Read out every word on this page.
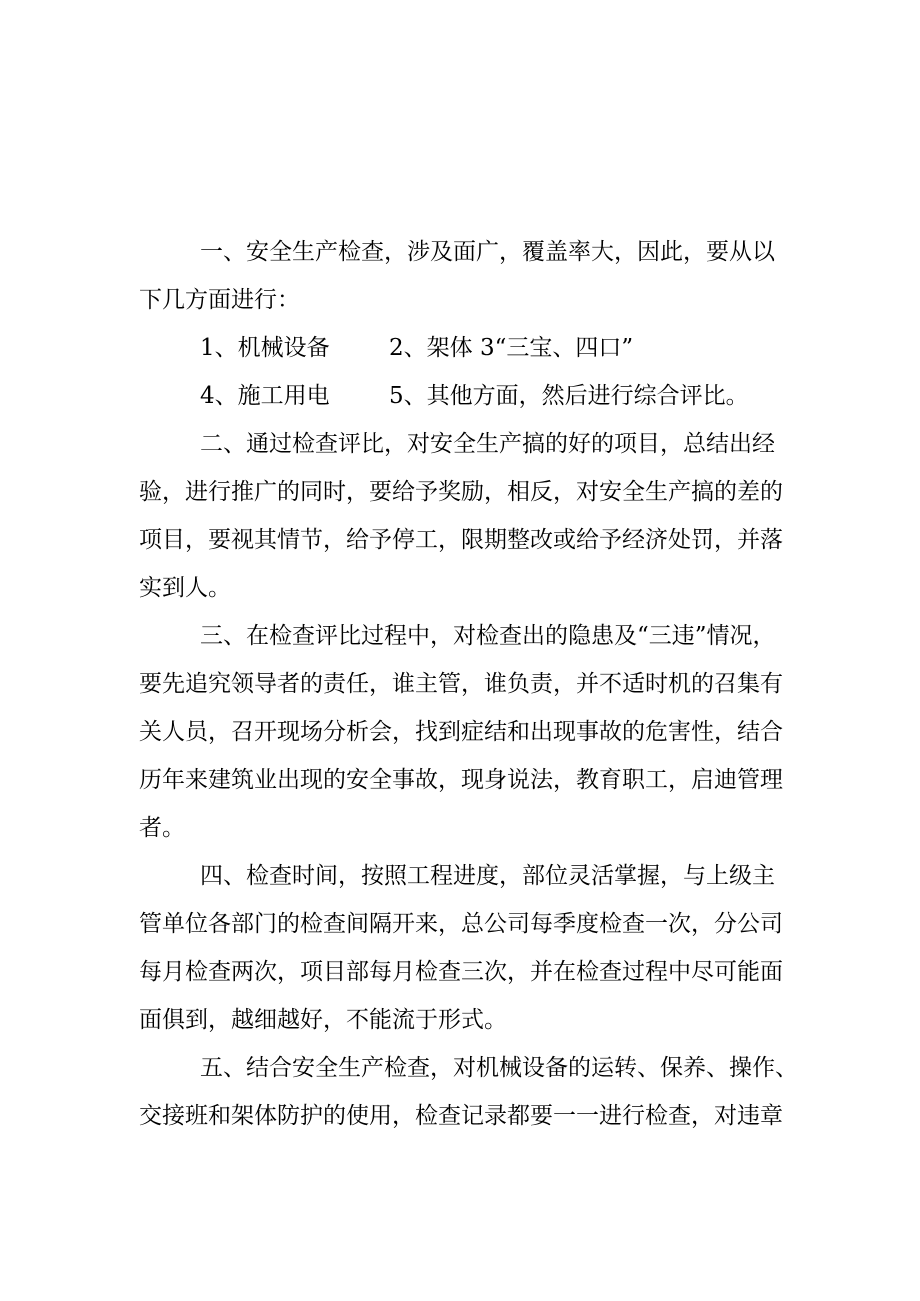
一、安全生产检查，涉及面广，覆盖率大，因此，要从以
下几方面进行：
1、机械设备	2、架体 3“三宝、四口”
4、施工用电	5、其他方面，然后进行综合评比。
二、通过检查评比，对安全生产搞的好的项目，总结出经
验，进行推广的同时，要给予奖励，相反，对安全生产搞的差的
项目，要视其情节，给予停工，限期整改或给予经济处罚，并落
实到人。
三、在检查评比过程中，对检查出的隐患及“三违”情况，
要先追究领导者的责任，谁主管，谁负责，并不适时机的召集有
关人员，召开现场分析会，找到症结和出现事故的危害性，结合
历年来建筑业出现的安全事故，现身说法，教育职工，启迪管理
者。
四、检查时间，按照工程进度，部位灵活掌握，与上级主
管单位各部门的检查间隔开来，总公司每季度检查一次，分公司
每月检查两次，项目部每月检查三次，并在检查过程中尽可能面
面俱到，越细越好，不能流于形式。
五、结合安全生产检查，对机械设备的运转、保养、操作、
交接班和架体防护的使用，检查记录都要一一进行检查，对违章
